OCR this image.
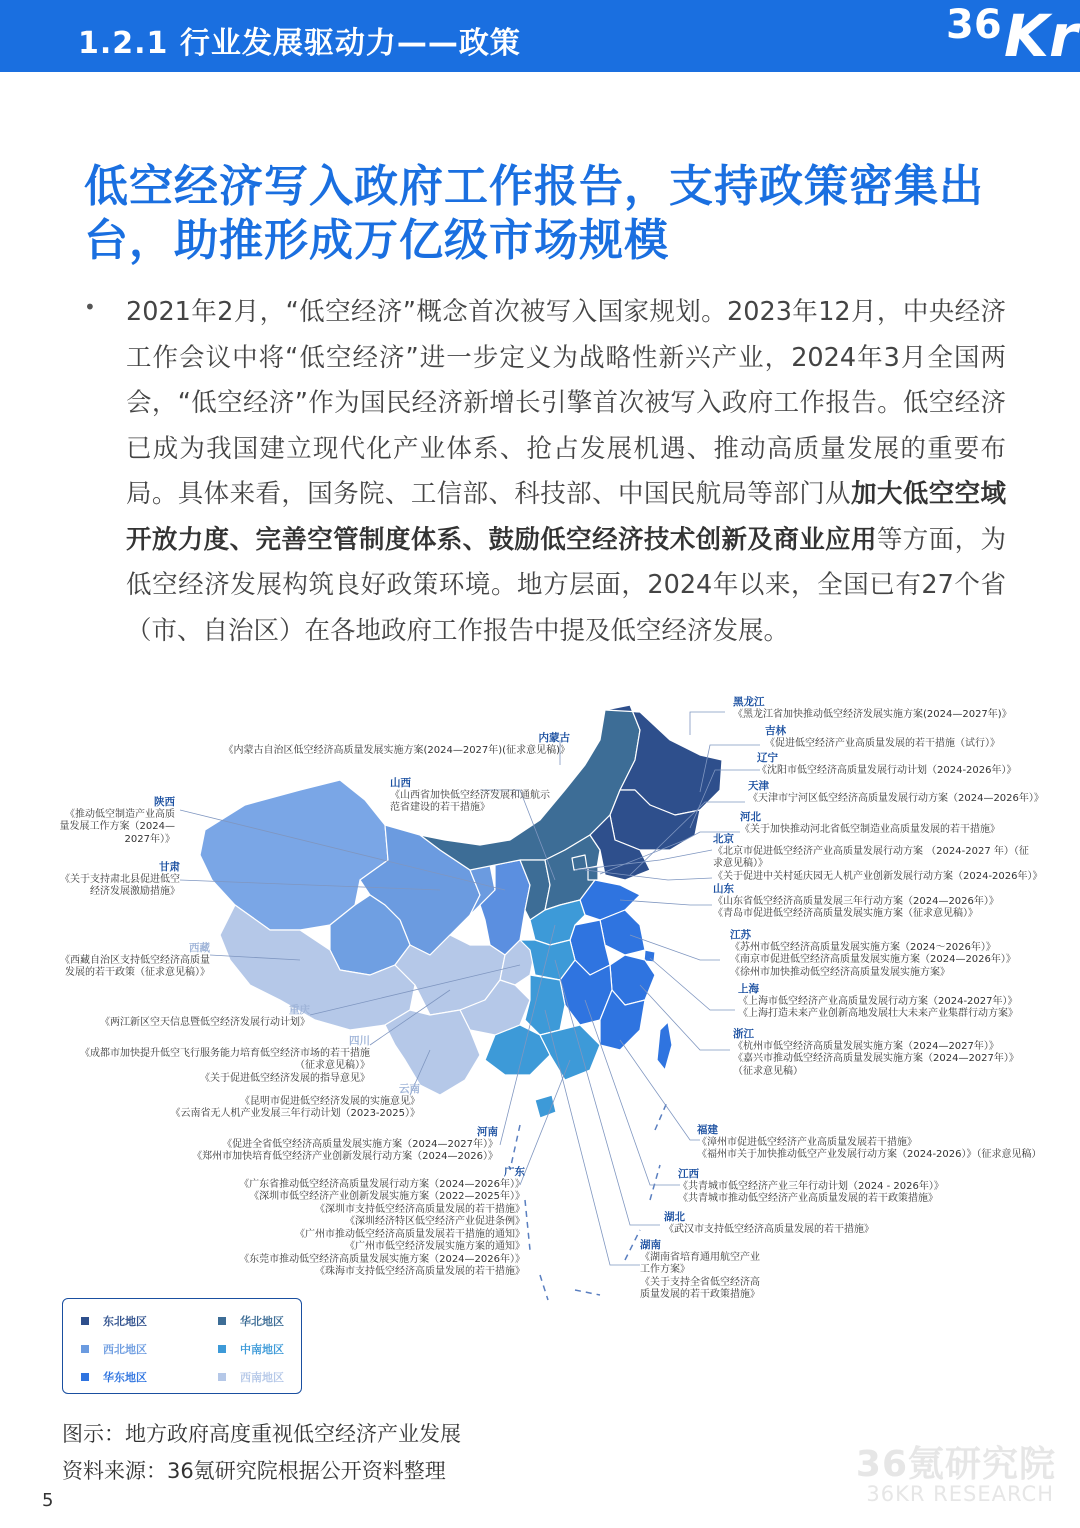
1.2.1 行业发展驱动力——政策	36 Kr
低空经济写入政府工作报告，支持政策密集出台，助推形成万亿级市场规模
• 2021年2月，“低空经济”概念首次被写入国家规划。2023年12月，中央经济工作会议中将“低空经济”进一步定义为战略性新兴产业，2024年3月全国两会，“低空经济”作为国民经济新增长引擎首次被写入政府工作报告。低空经济已成为我国建立现代化产业体系、抢占发展机遇、推动高质量发展的重要布局。具体来看，国务院、工信部、科技部、中国民航局等部门从加大低空空域开放力度、完善空管制度体系、鼓励低空经济技术创新及商业应用等方面，为低空经济发展构筑良好政策环境。地方层面，2024年以来，全国已有27个省（市、自治区）在各地政府工作报告中提及低空经济发展。
黑龙江
《黑龙江省加快推动低空经济发展实施方案(2024—2027年)》
内蒙古
《内蒙古自治区低空经济高质量发展实施方案(2024—2027年)(征求意见稿)》
吉林
《促进低空经济产业高质量发展的若干措施（试行）》
辽宁
《沈阳市低空经济高质量发展行动计划（2024-2026年）》
天津
《天津市宁河区低空经济高质量发展行动方案（2024—2026年）》
河北
《关于加快推动河北省低空制造业高质量发展的若干措施》
北京
《北京市促进低空经济产业高质量发展行动方案 （2024-2027 年）（征
求意见稿）》
《关于促进中关村延庆园无人机产业创新发展行动方案（2024-2026年）》
山东
《山东省低空经济高质量发展三年行动方案（2024—2026年）》
《青岛市促进低空经济高质量发展实施方案（征求意见稿）》
江苏
《苏州市低空经济高质量发展实施方案（2024～2026年）》
《南京市促进低空经济高质量发展实施方案（2024—2026年）》
《徐州市加快推动低空经济高质量发展实施方案》
上海
《上海市低空经济产业高质量发展行动方案（2024-2027年）》
《上海打造未来产业创新高地发展壮大未来产业集群行动方案》
浙江
《杭州市低空经济高质量发展实施方案（2024—2027年）》
《嘉兴市推动低空经济高质量发展实施方案（2024—2027年）》
（征求意见稿）
山西
《山西省加快低空经济发展和通航示
范省建设的若干措施》
陕西
《推动低空制造产业高质
量发展工作方案（2024—
2027年）》
甘肃
《关于支持肃北县促进低空
经济发展激励措施》
西藏
《西藏自治区支持低空经济高质量
发展的若干政策（征求意见稿）》
重庆
《两江新区空天信息暨低空经济发展行动计划》
四川
《成都市加快提升低空飞行服务能力培育低空经济市场的若干措施
（征求意见稿）》
《关于促进低空经济发展的指导意见》
云南
《昆明市促进低空经济发展的实施意见》
《云南省无人机产业发展三年行动计划（2023-2025）》
河南
《促进全省低空经济高质量发展实施方案（2024—2027年）》
《郑州市加快培育低空经济产业创新发展行动方案（2024—2026）》
广东
《广东省推动低空经济高质量发展行动方案（2024—2026年）》
《深圳市低空经济产业创新发展实施方案（2022—2025年）》
《深圳市支持低空经济高质量发展的若干措施》
《深圳经济特区低空经济产业促进条例》
《广州市推动低空经济高质量发展若干措施的通知》
《广州市低空经济发展实施方案的通知》
《东莞市推动低空经济高质量发展实施方案（2024—2026年）》
《珠海市支持低空经济高质量发展的若干措施》
福建
《漳州市促进低空经济产业高质量发展若干措施》
《福州市关于加快推动低空产业发展行动方案（2024-2026）》（征求意见稿）
江西
《共青城市低空经济产业三年行动计划（2024 - 2026年）》
《共青城市推动低空经济产业高质量发展的若干政策措施》
湖北
《武汉市支持低空经济高质量发展的若干措施》
湖南
《湖南省培育通用航空产业
工作方案》
《关于支持全省低空经济高
质量发展的若干政策措施》
东北地区	华北地区
西北地区	中南地区
华东地区	西南地区
图示：地方政府高度重视低空经济产业发展
资料来源：36氪研究院根据公开资料整理
5
36氪研究院
36KR RESEARCH
